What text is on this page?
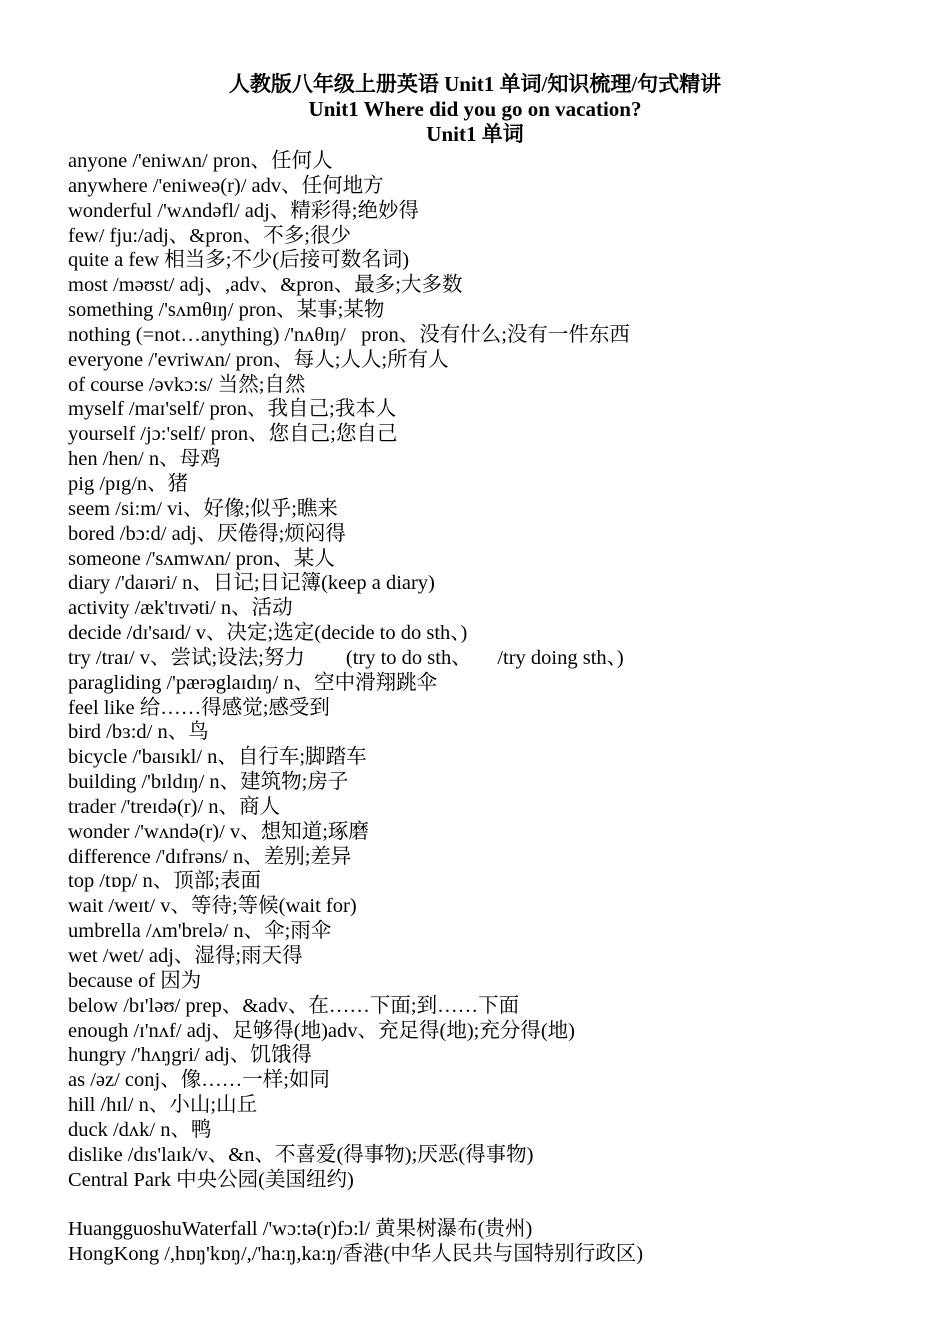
人教版八年级上册英语 Unit1 单词/知识梳理/句式精讲
Unit1 Where did you go on vacation?
Unit1 单词
anyone /'eniwʌn/ pron、任何人
anywhere /'eniweə(r)/ adv、任何地方
wonderful /'wʌndəfl/ adj、精彩得;绝妙得
few/ fju:/adj、&pron、不多;很少
quite a few 相当多;不少(后接可数名词)
most /məʊst/ adj、,adv、&pron、最多;大多数
something /'sʌmθɪŋ/ pron、某事;某物
nothing (=not…anything) /'nʌθɪŋ/   pron、没有什么;没有一件东西
everyone /'evriwʌn/ pron、每人;人人;所有人
of course /əvkɔ:s/ 当然;自然
myself /maɪ'self/ pron、我自己;我本人
yourself /jɔ:'self/ pron、您自己;您自己
hen /hen/ n、母鸡
pig /pɪg/n、猪
seem /si:m/ vi、好像;似乎;瞧来
bored /bɔ:d/ adj、厌倦得;烦闷得
someone /'sʌmwʌn/ pron、某人
diary /'daɪəri/ n、日记;日记簿(keep a diary)
activity /æk'tɪvəti/ n、活动
decide /dɪ'saɪd/ v、决定;选定(decide to do sth、)
try /traɪ/ v、尝试;设法;努力        (try to do sth、     /try doing sth、)
paragliding /'pærəglaɪdɪŋ/ n、空中滑翔跳伞
feel like 给……得感觉;感受到
bird /bɜ:d/ n、鸟
bicycle /'baɪsɪkl/ n、自行车;脚踏车
building /'bɪldɪŋ/ n、建筑物;房子
trader /'treɪdə(r)/ n、商人
wonder /'wʌndə(r)/ v、想知道;琢磨
difference /'dɪfrəns/ n、差别;差异
top /tɒp/ n、顶部;表面
wait /weɪt/ v、等待;等候(wait for)
umbrella /ʌm'brelə/ n、伞;雨伞
wet /wet/ adj、湿得;雨天得
because of 因为
below /bɪ'ləʊ/ prep、&adv、在……下面;到……下面
enough /ɪ'nʌf/ adj、足够得(地)adv、充足得(地);充分得(地)
hungry /'hʌŋgri/ adj、饥饿得
as /əz/ conj、像……一样;如同
hill /hɪl/ n、小山;山丘
duck /dʌk/ n、鸭
dislike /dɪs'laɪk/v、&n、不喜爱(得事物);厌恶(得事物)
Central Park 中央公园(美国纽约)
HuangguoshuWaterfall /'wɔ:tə(r)fɔ:l/ 黄果树瀑布(贵州)
HongKong /,hɒŋ'kɒŋ/,/'ha:ŋ,ka:ŋ/香港(中华人民共与国特别行政区)
